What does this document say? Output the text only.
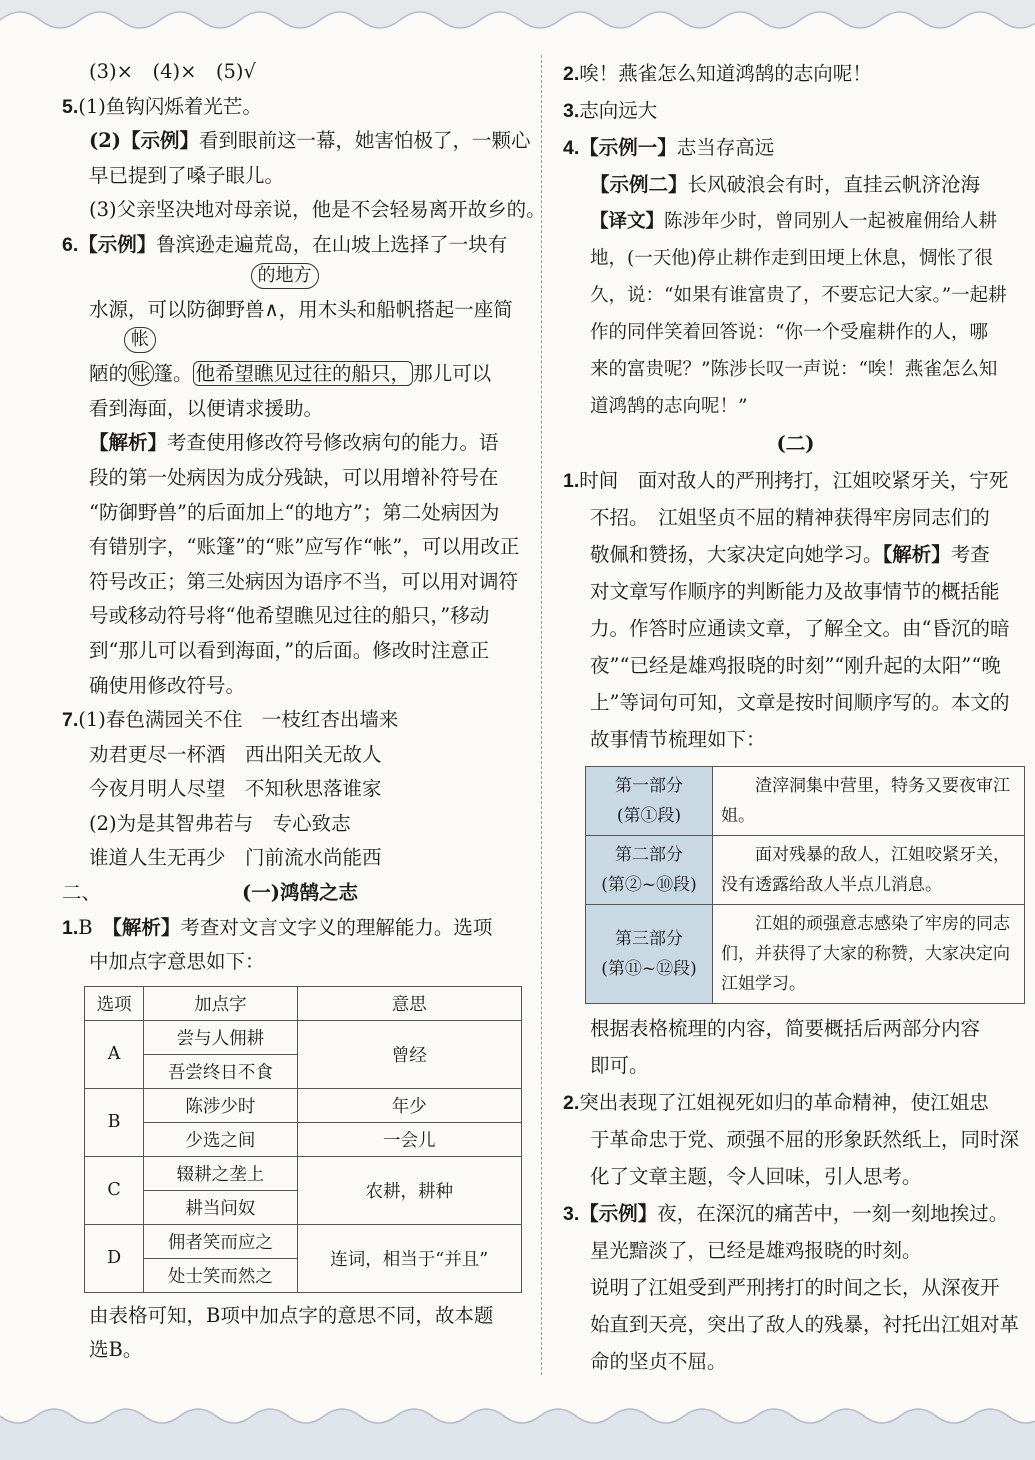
(3)×　(4)×　(5)√
5.(1)鱼钩闪烁着光芒。
(2)【示例】看到眼前这一幕，她害怕极了，一颗心
早已提到了嗓子眼儿。
(3)父亲坚决地对母亲说，他是不会轻易离开故乡的。
6.【示例】鲁滨逊走遍荒岛，在山坡上选择了一块有
水源，可以防御野兽∧
的地方
，用木头和船帆搭起一座简
陋的 账
帐
篷。 他希望瞧见过往的船只， 那儿可以
看到海面，以便请求援助。
【解析】考查使用修改符号修改病句的能力。语
段的第一处病因为成分残缺，可以用增补符号在
“防御野兽”的后面加上“的地方”；第二处病因为
有错别字，“账篷”的“账”应写作“帐”，可以用改正
符号改正；第三处病因为语序不当，可以用对调符
号或移动符号将“他希望瞧见过往的船只，”移动
到“那儿可以看到海面，”的后面。修改时注意正
确使用修改符号。
7.(1)春色满园关不住　一枝红杏出墙来
劝君更尽一杯酒　西出阳关无故人
今夜月明人尽望　不知秋思落谁家
(2)为是其智弗若与　专心致志
谁道人生无再少　门前流水尚能西
二、	(一)鸿鹄之志
1.B　 【解析】考查对文言文字义的理解能力。选项
中加点字意思如下：
选项	加点字	意思
A	尝与人佣耕	曾经
	吾尝终日不食	
B	陈涉少时	年少
	少选之间	一会儿
C	辍耕之垄上	农耕，耕种
	耕当问奴	
D	佣者笑而应之	连词，相当于“并且”
	处士笑而然之	
由表格可知，B项中加点字的意思不同，故本题
选B。
2.唉！燕雀怎么知道鸿鹄的志向呢！
3.志向远大
4.【示例一】志当存高远
【示例二】长风破浪会有时，直挂云帆济沧海
【译文】陈涉年少时，曾同别人一起被雇佣给人耕
地，(一天他)停止耕作走到田埂上休息，惆怅了很
久，说：“如果有谁富贵了，不要忘记大家。”一起耕
作的同伴笑着回答说：“你一个受雇耕作的人，哪
来的富贵呢？”陈涉长叹一声说：“唉！燕雀怎么知
道鸿鹄的志向呢！”
(二)
1.时间　面对敌人的严刑拷打，江姐咬紧牙关，宁死
不招。　江姐坚贞不屈的精神获得牢房同志们的
敬佩和赞扬，大家决定向她学习。【解析】考查
对文章写作顺序的判断能力及故事情节的概括能
力。作答时应通读文章，了解全文。由“昏沉的暗
夜”“已经是雄鸡报晓的时刻”“刚升起的太阳”“晚
上”等词句可知，文章是按时间顺序写的。本文的
故事情节梳理如下：
第一部分
(第①段)	渣滓洞集中营里，特务又要夜审江姐。
第二部分
(第②~⑩段)	面对残暴的敌人，江姐咬紧牙关，没有透露给敌人半点儿消息。
第三部分
(第⑪~⑫段)	江姐的顽强意志感染了牢房的同志们，并获得了大家的称赞，大家决定向江姐学习。
根据表格梳理的内容，简要概括后两部分内容
即可。
2.突出表现了江姐视死如归的革命精神，使江姐忠
于革命忠于党、顽强不屈的形象跃然纸上，同时深
化了文章主题，令人回味，引人思考。
3.【示例】夜，在深沉的痛苦中，一刻一刻地挨过。
星光黯淡了，已经是雄鸡报晓的时刻。
说明了江姐受到严刑拷打的时间之长，从深夜开
始直到天亮，突出了敌人的残暴，衬托出江姐对革
命的坚贞不屈。
